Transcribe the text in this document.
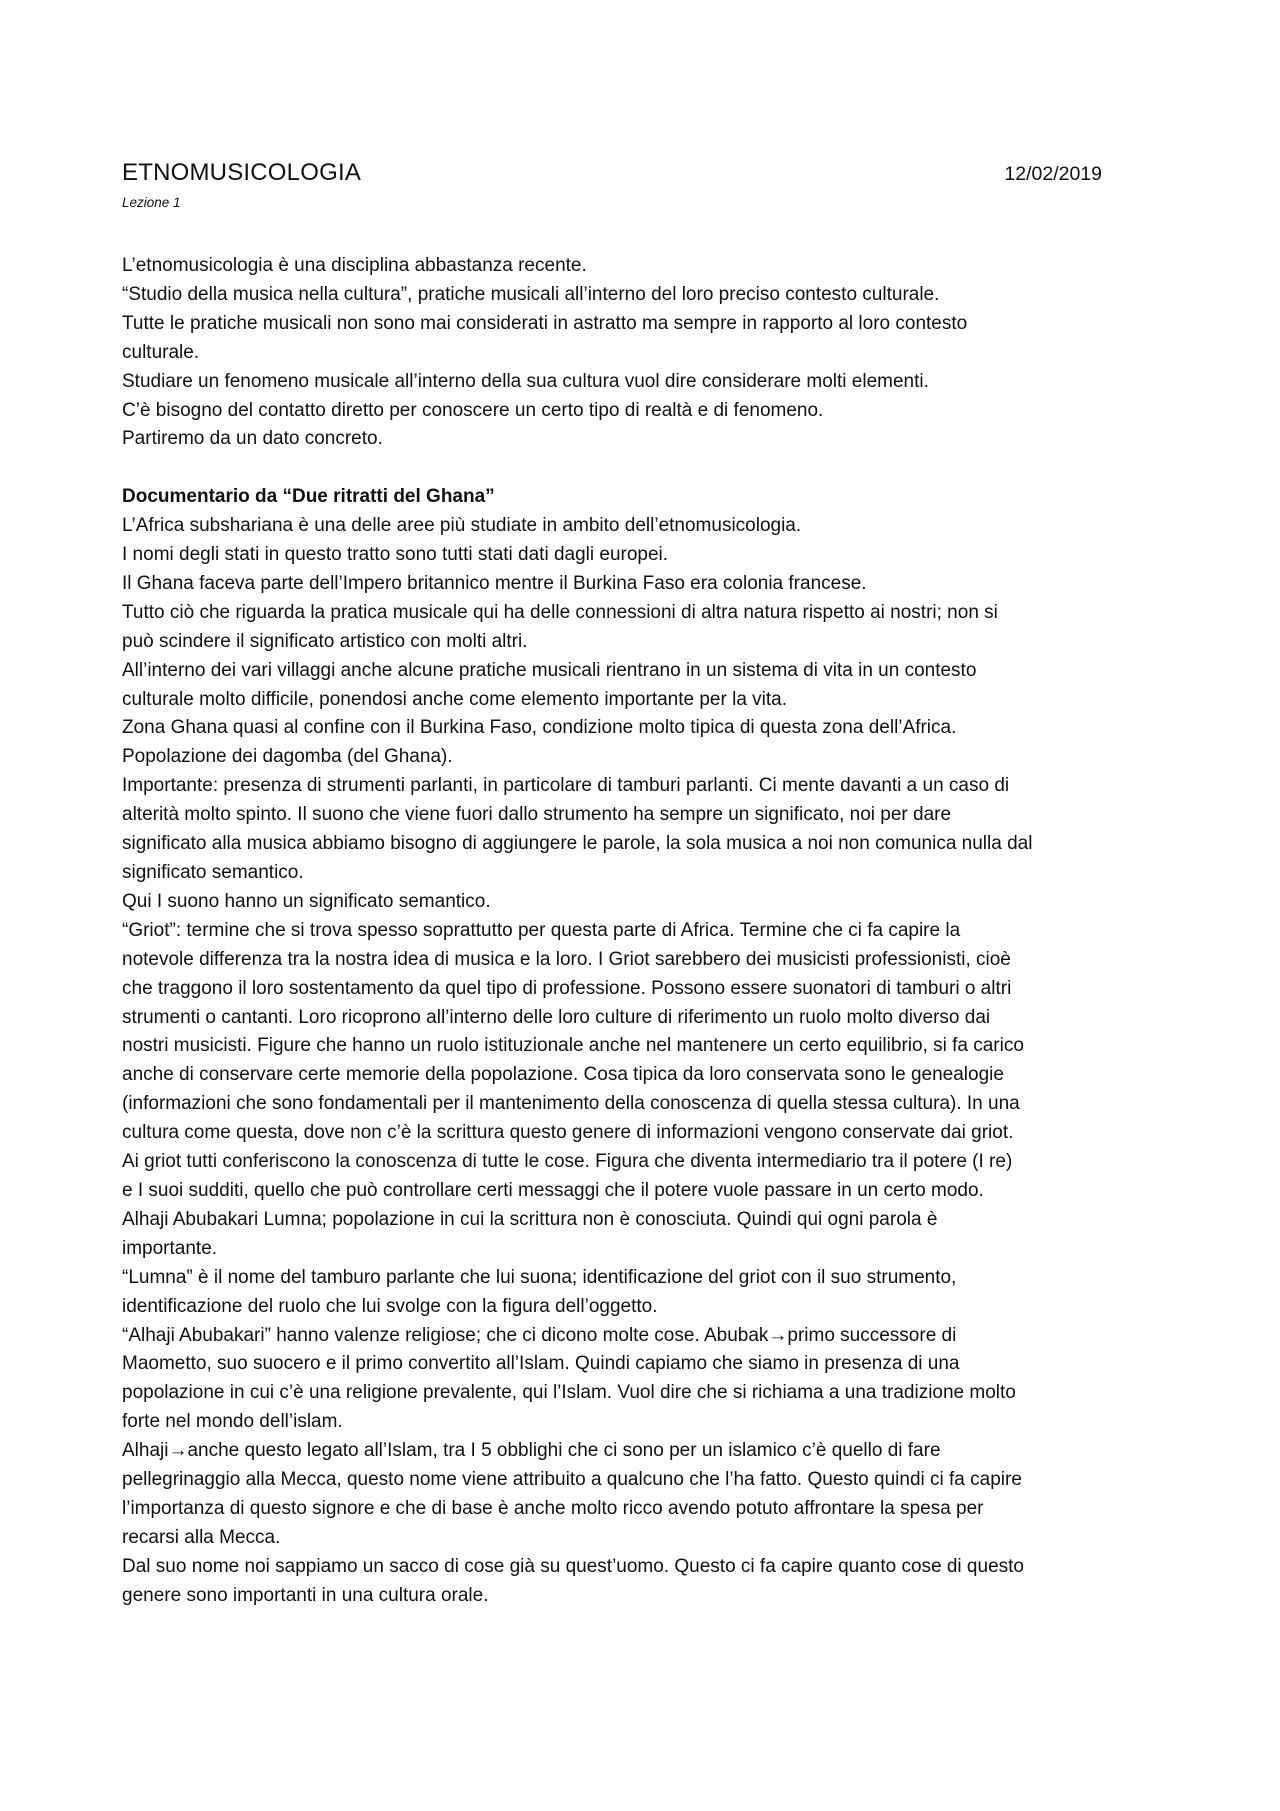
ETNOMUSICOLOGIA	12/02/2019
Lezione 1
L’etnomusicologia è una disciplina abbastanza recente.
“Studio della musica nella cultura”, pratiche musicali all’interno del loro preciso contesto culturale.
Tutte le pratiche musicali non sono mai considerati in astratto ma sempre in rapporto al loro contesto
culturale.
Studiare un fenomeno musicale all’interno della sua cultura vuol dire considerare molti elementi.
C’è bisogno del contatto diretto per conoscere un certo tipo di realtà e di fenomeno.
Partiremo da un dato concreto.
Documentario da “Due ritratti del Ghana”
L’Africa subshariana è una delle aree più studiate in ambito dell’etnomusicologia.
I nomi degli stati in questo tratto sono tutti stati dati dagli europei.
Il Ghana faceva parte dell’Impero britannico mentre il Burkina Faso era colonia francese.
Tutto ciò che riguarda la pratica musicale qui ha delle connessioni di altra natura rispetto ai nostri; non si
può scindere il significato artistico con molti altri.
All’interno dei vari villaggi anche alcune pratiche musicali rientrano in un sistema di vita in un contesto
culturale molto difficile, ponendosi anche come elemento importante per la vita.
Zona Ghana quasi al confine con il Burkina Faso, condizione molto tipica di questa zona dell’Africa.
Popolazione dei dagomba (del Ghana).
Importante: presenza di strumenti parlanti, in particolare di tamburi parlanti. Ci mente davanti a un caso di
alterità molto spinto. Il suono che viene fuori dallo strumento ha sempre un significato, noi per dare
significato alla musica abbiamo bisogno di aggiungere le parole, la sola musica a noi non comunica nulla dal
significato semantico.
Qui I suono hanno un significato semantico.
“Griot”: termine che si trova spesso soprattutto per questa parte di Africa. Termine che ci fa capire la
notevole differenza tra la nostra idea di musica e la loro. I Griot sarebbero dei musicisti professionisti, cioè
che traggono il loro sostentamento da quel tipo di professione. Possono essere suonatori di tamburi o altri
strumenti o cantanti. Loro ricoprono all’interno delle loro culture di riferimento un ruolo molto diverso dai
nostri musicisti. Figure che hanno un ruolo istituzionale anche nel mantenere un certo equilibrio, si fa carico
anche di conservare certe memorie della popolazione. Cosa tipica da loro conservata sono le genealogie
(informazioni che sono fondamentali per il mantenimento della conoscenza di quella stessa cultura). In una
cultura come questa, dove non c’è la scrittura questo genere di informazioni vengono conservate dai griot.
Ai griot tutti conferiscono la conoscenza di tutte le cose. Figura che diventa intermediario tra il potere (I re)
e I suoi sudditi, quello che può controllare certi messaggi che il potere vuole passare in un certo modo.
Alhaji Abubakari Lumna; popolazione in cui la scrittura non è conosciuta. Quindi qui ogni parola è
importante.
“Lumna” è il nome del tamburo parlante che lui suona; identificazione del griot con il suo strumento,
identificazione del ruolo che lui svolge con la figura dell’oggetto.
“Alhaji Abubakari” hanno valenze religiose; che ci dicono molte cose. Abubak→primo successore di
Maometto, suo suocero e il primo convertito all’Islam. Quindi capiamo che siamo in presenza di una
popolazione in cui c’è una religione prevalente, qui l’Islam. Vuol dire che si richiama a una tradizione molto
forte nel mondo dell’islam.
Alhaji→anche questo legato all’Islam, tra I 5 obblighi che ci sono per un islamico c’è quello di fare
pellegrinaggio alla Mecca, questo nome viene attribuito a qualcuno che l’ha fatto. Questo quindi ci fa capire
l’importanza di questo signore e che di base è anche molto ricco avendo potuto affrontare la spesa per
recarsi alla Mecca.
Dal suo nome noi sappiamo un sacco di cose già su quest’uomo. Questo ci fa capire quanto cose di questo
genere sono importanti in una cultura orale.
